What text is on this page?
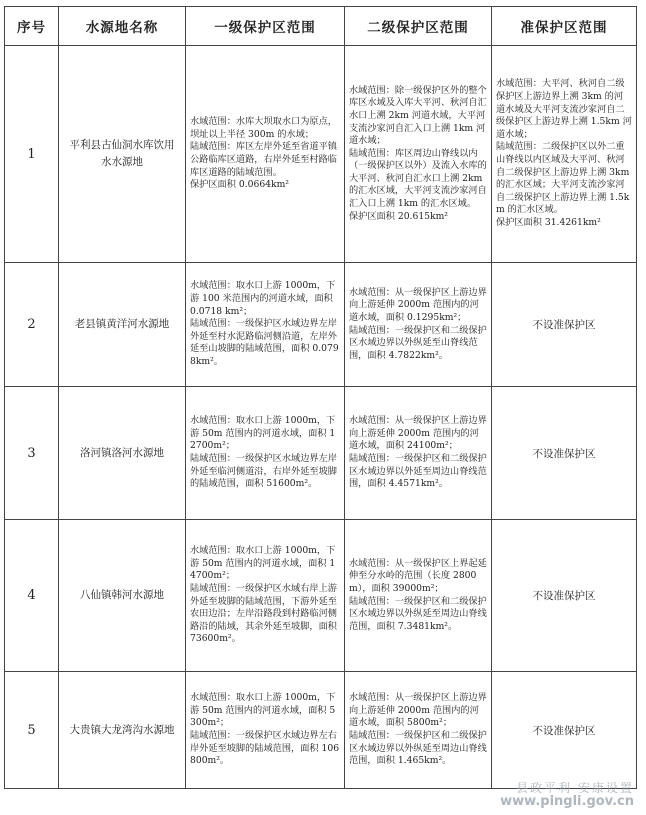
序号	水源地名称	一级保护区范围	二级保护区范围	准保护区范围
1	平利县古仙洞水库饮用水水源地	水域范围：水库大坝取水口为原点，坝址以上半径 300m 的水域；
陆域范围：库区左岸外延至省道平镇公路临库区道路，右岸外延至村路临库区道路的陆域范围。
保护区面积 0.0664km²	水域范围：除一级保护区外的整个库区水域及入库大平河、秋河自汇水口上溯 2km 河道水域，大平河支流沙家河自汇入口上溯 1km 河道水域；
陆域范围：库区周边山脊线以内（一级保护区以外）及流入水库的大平河、秋河自汇水口上溯 2km 的汇水区域，大平河支流沙家河自汇入口上溯 1km 的汇水区域。
保护区面积 20.615km²	水域范围：大平河、秋河自二级保护区上游边界上溯 3km 的河道水域及大平河支流沙家河自二级保护区上游边界上溯 1.5km 河道水域；
陆域范围：二级保护区以外二重山脊线以内区域及大平河、秋河自二级保护区上游边界上溯 3km 的汇水区域；大平河支流沙家河自二级保护区上游边界上溯 1.5km 的汇水区域。
保护区面积 31.4261km²
2	老县镇黄洋河水源地	水域范围：取水口上游 1000m，下游 100 米范围内的河道水域，面积 0.0718 km²；
陆域范围：一级保护区水域边界左岸外延至村水泥路临河侧沿道，左岸外延至山坡脚的陆域范围，面积 0.0798km²。	水域范围：从一级保护区上游边界向上游延伸 2000m 范围内的河道水域，面积 0.1295km²；
陆域范围：一级保护区和二级保护区水域边界以外纵延至山脊线范围，面积 4.7822km²。	不设准保护区
3	洛河镇洛河水源地	水域范围：取水口上游 1000m，下游 50m 范围内的河道水域，面积 12700m²；
陆域范围：一级保护区水域边界左岸外延至临河侧道沿，右岸外延至坡脚的陆域范围，面积 51600m²。	水域范围：从一级保护区上游边界向上游延伸 2000m 范围内的河道水域，面积 24100m²；
陆域范围：一级保护区和二级保护区水域边界以外延至周边山脊线范围，面积 4.4571km²。	不设准保护区
4	八仙镇韩河水源地	水域范围：取水口上游 1000m，下游 50m 范围内的河道水域，面积 14700m²；
陆域范围：一级保护区水域右岸上游外延至坡脚的陆域范围，下游外延至农田边沿；左岸沿路段到村路临河侧路沿的陆域，其余外延至坡脚，面积 73600m²。	水域范围：从一级保护区上界起延伸至分水岭的范围（长度 2800m），面积 39000m²；
陆域范围：一级保护区和二级保护区水域边界以外纵延至周边山脊线范围，面积 7.3481km²。	不设准保护区
5	大贵镇大龙湾沟水源地	水域范围：取水口上游 1000m，下游 50m 范围内的河道水域，面积 5300m²；
陆域范围：一级保护区水域边界左右岸外延至坡脚的陆域范围，面积 106800m²。	水域范围：从一级保护区上游边界向上游延伸 2000m 范围内的河道水域，面积 5800m²；
陆域范围：一级保护区和二级保护区水域边界以外纵延至周边山脊线范围，面积 1.465km²。	不设准保护区
县政平利 安康设置
www.pingli.gov.cn
